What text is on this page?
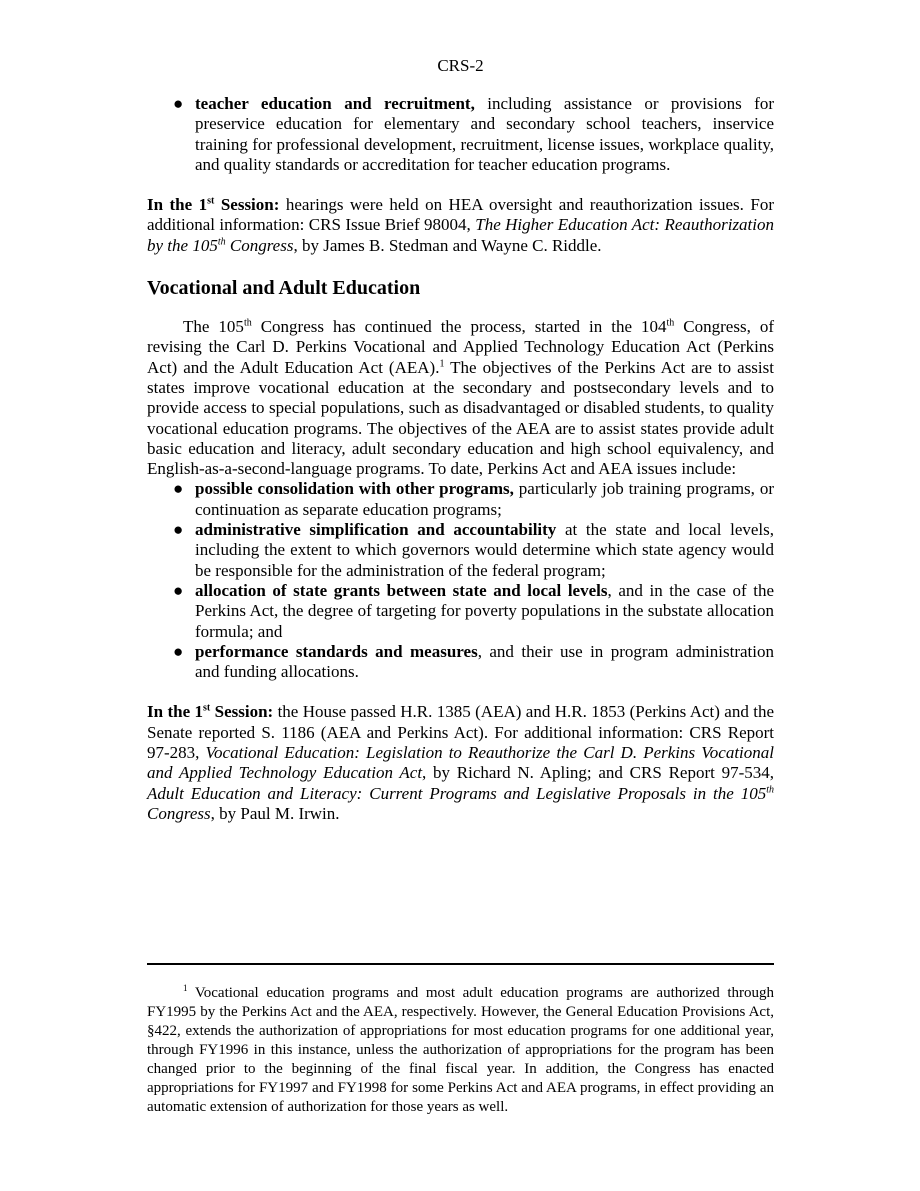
CRS-2
● teacher education and recruitment, including assistance or provisions for preservice education for elementary and secondary school teachers, inservice training for professional development, recruitment, license issues, workplace quality, and quality standards or accreditation for teacher education programs.

In the 1st Session: hearings were held on HEA oversight and reauthorization issues. For additional information: CRS Issue Brief 98004, The Higher Education Act: Reauthorization by the 105th Congress, by James B. Stedman and Wayne C. Riddle.

Vocational and Adult Education

The 105th Congress has continued the process, started in the 104th Congress, of revising the Carl D. Perkins Vocational and Applied Technology Education Act (Perkins Act) and the Adult Education Act (AEA).$^1$ The objectives of the Perkins Act are to assist states improve vocational education at the secondary and postsecondary levels and to provide access to special populations, such as disadvantaged or disabled students, to quality vocational education programs. The objectives of the AEA are to assist states provide adult basic education and literacy, adult secondary education and high school equivalency, and English-as-a-second-language programs. To date, Perkins Act and AEA issues include:

● possible consolidation with other programs, particularly job training programs, or continuation as separate education programs;
● administrative simplification and accountability at the state and local levels, including the extent to which governors would determine which state agency would be responsible for the administration of the federal program;
● allocation of state grants between state and local levels, and in the case of the Perkins Act, the degree of targeting for poverty populations in the substate allocation formula; and
● performance standards and measures, and their use in program administration and funding allocations.

In the 1st Session: the House passed H.R. 1385 (AEA) and H.R. 1853 (Perkins Act) and the Senate reported S. 1186 (AEA and Perkins Act). For additional information: CRS Report 97-283, Vocational Education: Legislation to Reauthorize the Carl D. Perkins Vocational and Applied Technology Education Act, by Richard N. Apling; and CRS Report 97-534, Adult Education and Literacy: Current Programs and Legislative Proposals in the 105th Congress, by Paul M. Irwin.

$^1$ Vocational education programs and most adult education programs are authorized through FY1995 by the Perkins Act and the AEA, respectively. However, the General Education Provisions Act, §422, extends the authorization of appropriations for most education programs for one additional year, through FY1996 in this instance, unless the authorization of appropriations for the program has been changed prior to the beginning of the final fiscal year. In addition, the Congress has enacted appropriations for FY1997 and FY1998 for some Perkins Act and AEA programs, in effect providing an automatic extension of authorization for those years as well.
